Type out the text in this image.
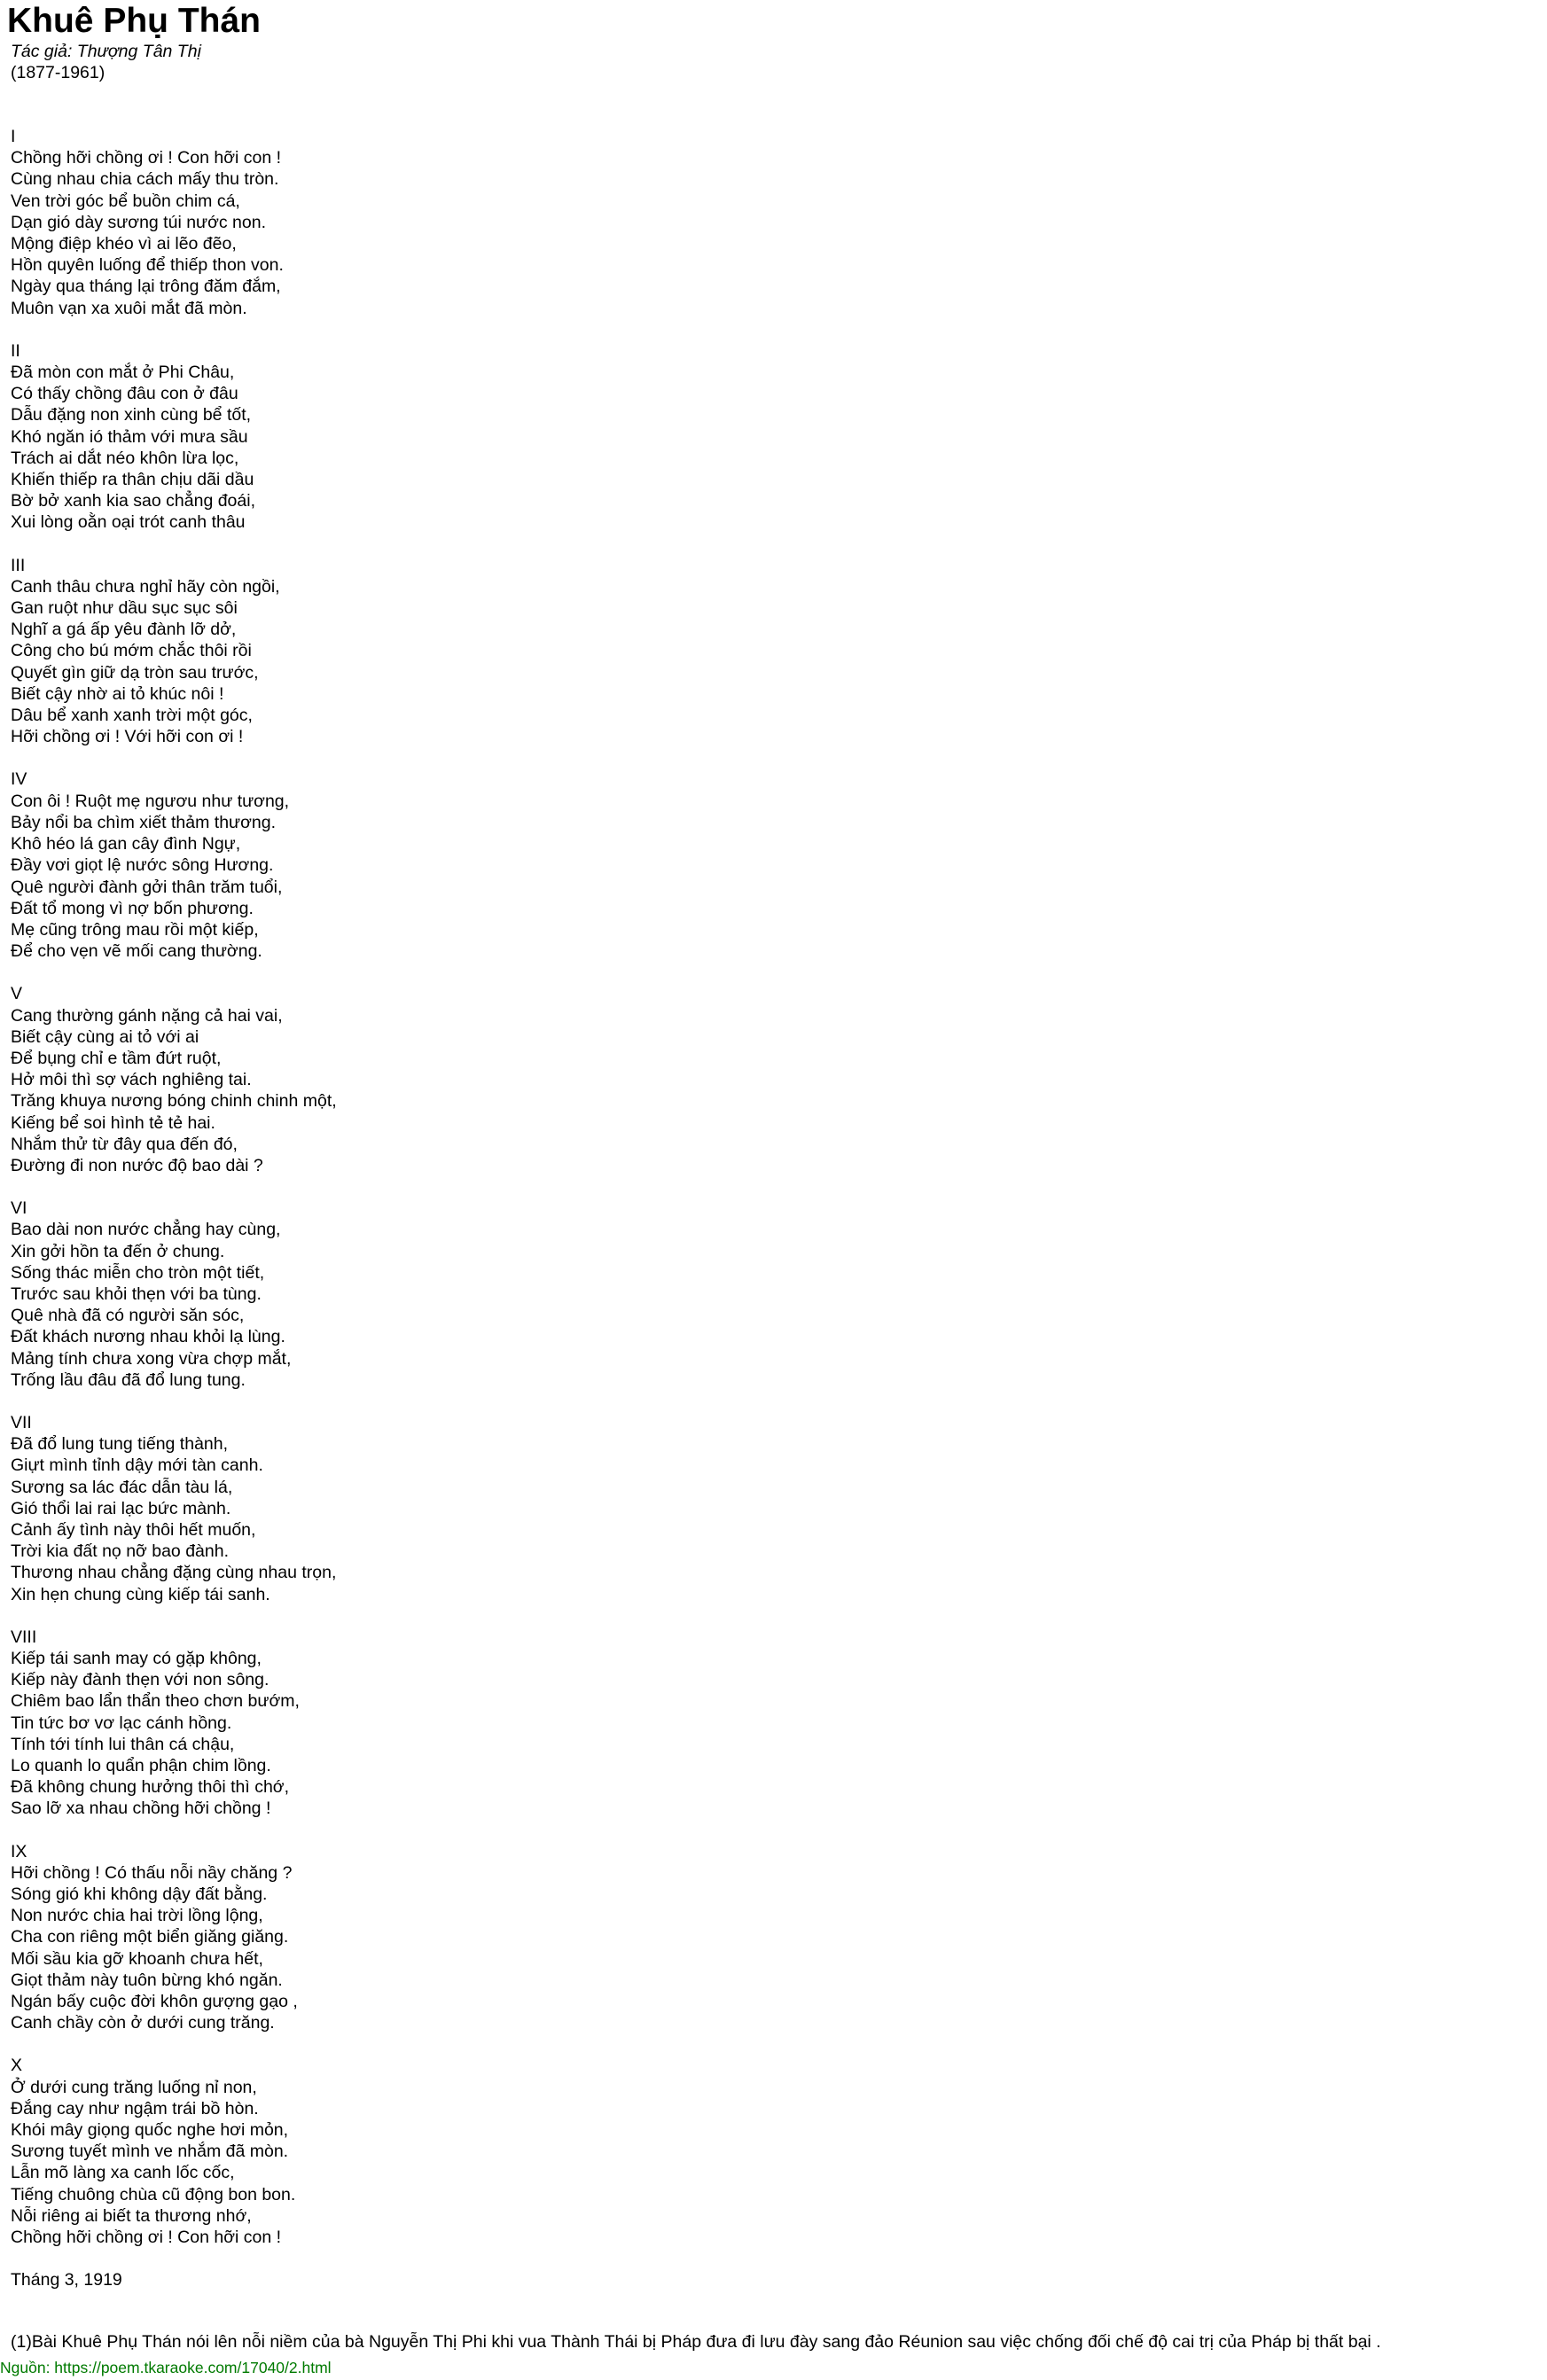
Khuê Phụ Thán
Tác giả: Thượng Tân Thị
(1877-1961)
I
Chồng hỡi chồng ơi ! Con hỡi con !
Cùng nhau chia cách mấy thu tròn.
Ven trời góc bể buồn chim cá,
Dạn gió dày sương túi nước non.
Mộng điệp khéo vì ai lẽo đẽo,
Hồn quyên luống để thiếp thon von.
Ngày qua tháng lại trông đăm đắm,
Muôn vạn xa xuôi mắt đã mòn.
II
Đã mòn con mắt ở Phi Châu,
Có thấy chồng đâu con ở đâu
Dẫu đặng non xinh cùng bể tốt,
Khó ngăn ió thảm với mưa sầu
Trách ai dắt néo khôn lừa lọc,
Khiến thiếp ra thân chịu dãi dầu
Bờ bở xanh kia sao chẳng đoái,
Xui lòng oằn oại trót canh thâu
III
Canh thâu chưa nghỉ hãy còn ngồi,
Gan ruột như dầu sục sục sôi
Nghĩ a gá ấp yêu đành lỡ dở,
Công cho bú mớm chắc thôi rồi
Quyết gìn giữ dạ tròn sau trước,
Biết cậy nhờ ai tỏ khúc nôi !
Dâu bể xanh xanh trời một góc,
Hỡi chồng ơi ! Với hỡi con ơi !
IV
Con ôi ! Ruột mẹ ngươu như tương,
Bảy nổi ba chìm xiết thảm thương.
Khô héo lá gan cây đình Ngự,
Đầy vơi giọt lệ nước sông Hương.
Quê người đành gởi thân trăm tuổi,
Đất tổ mong vì nợ bốn phương.
Mẹ cũng trông mau rồi một kiếp,
Để cho vẹn vẽ mối cang thường.
V
Cang thường gánh nặng cả hai vai,
Biết cậy cùng ai tỏ với ai
Để bụng chỉ e tầm đứt ruột,
Hở môi thì sợ vách nghiêng tai.
Trăng khuya nương bóng chinh chinh một,
Kiếng bể soi hình tẻ tẻ hai.
Nhắm thử từ đây qua đến đó,
Đường đi non nước độ bao dài ?
VI
Bao dài non nước chẳng hay cùng,
Xin gởi hồn ta đến ở chung.
Sống thác miễn cho tròn một tiết,
Trước sau khỏi thẹn với ba tùng.
Quê nhà đã có người săn sóc,
Đất khách nương nhau khỏi lạ lùng.
Mảng tính chưa xong vừa chợp mắt,
Trống lầu đâu đã đổ lung tung.
VII
Đã đổ lung tung tiếng thành,
Giựt mình tỉnh dậy mới tàn canh.
Sương sa lác đác dẫn tàu lá,
Gió thổi lai rai lạc bức mành.
Cảnh ấy tình này thôi hết muốn,
Trời kia đất nọ nỡ bao đành.
Thương nhau chẳng đặng cùng nhau trọn,
Xin hẹn chung cùng kiếp tái sanh.
VIII
Kiếp tái sanh may có gặp không,
Kiếp này đành thẹn với non sông.
Chiêm bao lẩn thẩn theo chơn bướm,
Tin tức bơ vơ lạc cánh hồng.
Tính tới tính lui thân cá chậu,
Lo quanh lo quẩn phận chim lồng.
Đã không chung hưởng thôi thì chớ,
Sao lỡ xa nhau chồng hỡi chồng !
IX
Hỡi chồng ! Có thấu nỗi nầy chăng ?
Sóng gió khi không dậy đất bằng.
Non nước chia hai trời lồng lộng,
Cha con riêng một biển giăng giăng.
Mối sầu kia gỡ khoanh chưa hết,
Giọt thảm này tuôn bừng khó ngăn.
Ngán bấy cuộc đời khôn gượng gạo ,
Canh chầy còn ở dưới cung trăng.
X
Ở dưới cung trăng luống nỉ non,
Đắng cay như ngậm trái bồ hòn.
Khói mây giọng quốc nghe hơi mỏn,
Sương tuyết mình ve nhắm đã mòn.
Lẫn mõ làng xa canh lốc cốc,
Tiếng chuông chùa cũ động bon bon.
Nỗi riêng ai biết ta thương nhớ,
Chồng hỡi chồng ơi ! Con hỡi con !
Tháng 3, 1919
(1)Bài Khuê Phụ Thán nói lên nỗi niềm của bà Nguyễn Thị Phi khi vua Thành Thái bị Pháp đưa đi lưu đày sang đảo Réunion sau việc chống đối chế độ cai trị của Pháp bị thất bại .
Nguồn: https://poem.tkaraoke.com/17040/2.html
